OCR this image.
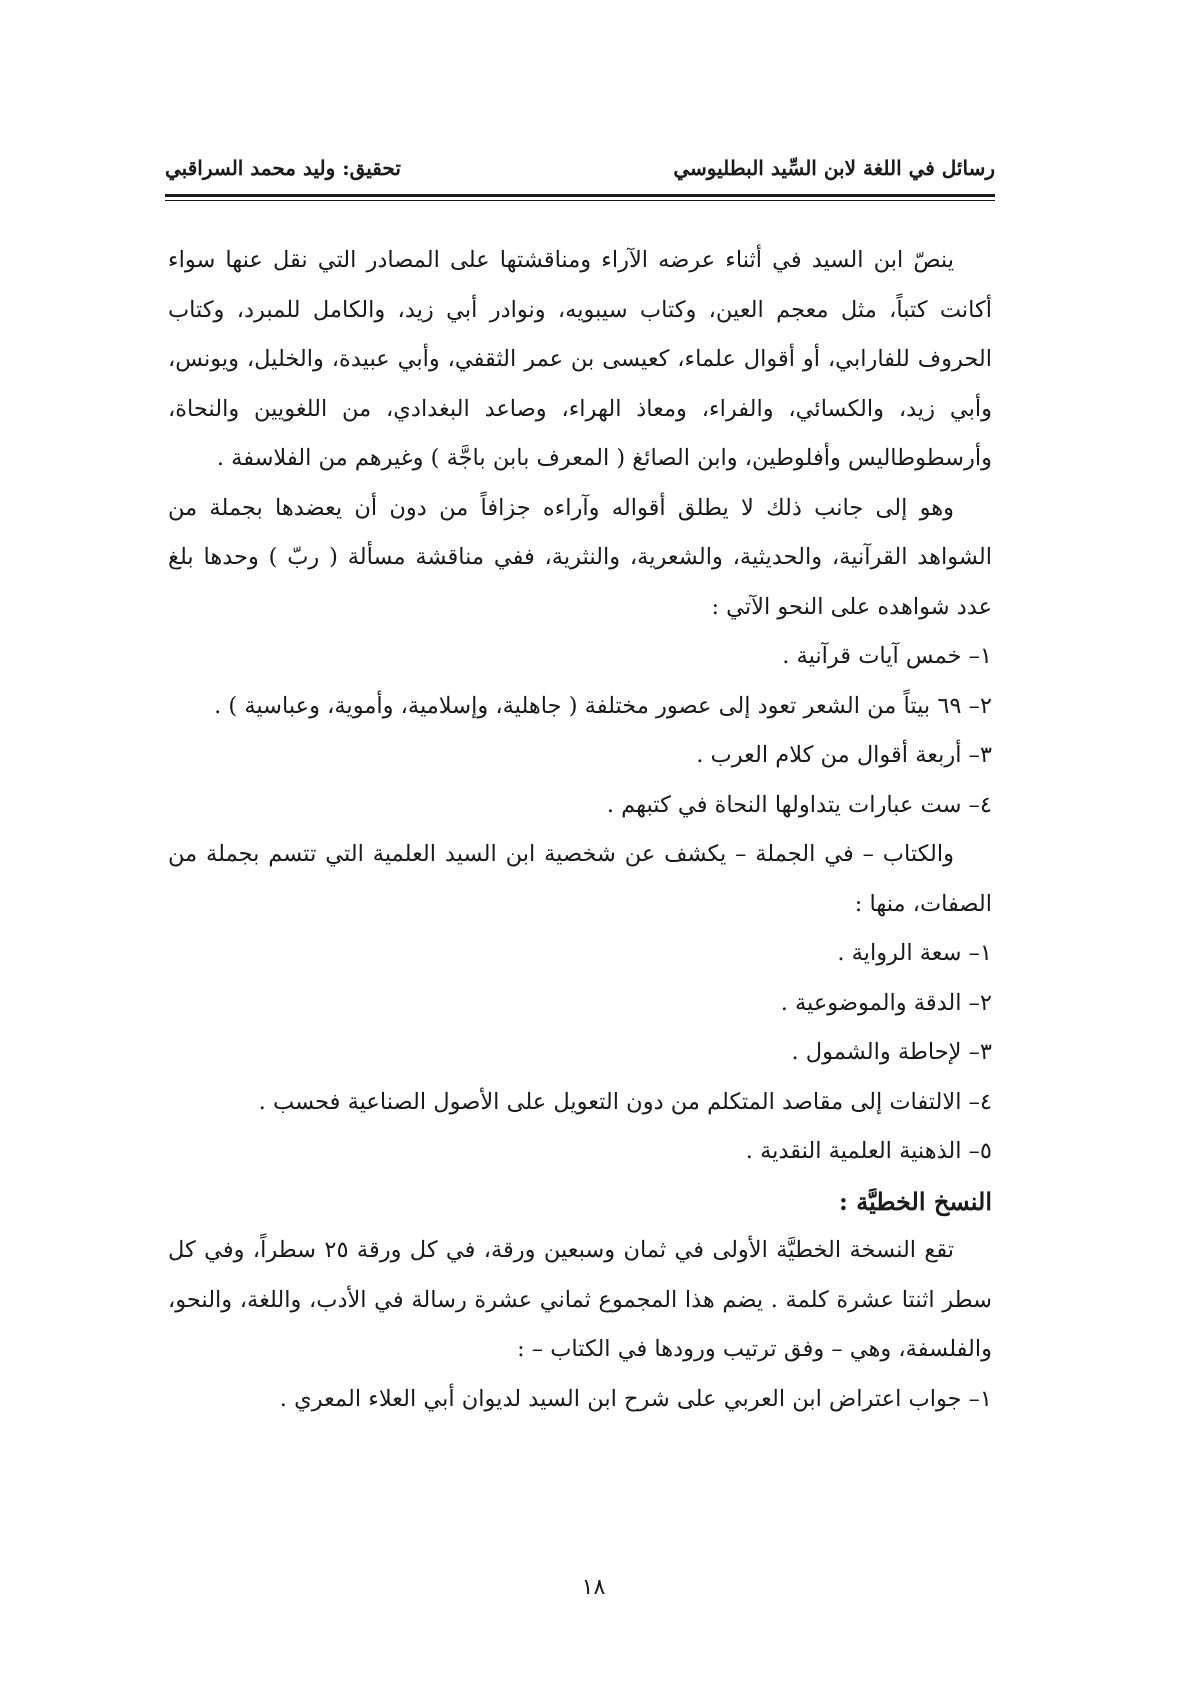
رسائل في اللغة لابن السِّيد البطليوسي
تحقيق: وليد محمد السراقبي

ينصّ ابن السيد في أثناء عرضه الآراء ومناقشتها على المصادر التي نقل عنها سواء أكانت كتباً، مثل معجم العين، وكتاب سيبويه، ونوادر أبي زيد، والكامل للمبرد، وكتاب الحروف للفارابي، أو أقوال علماء، كعيسى بن عمر الثقفي، وأبي عبيدة، والخليل، ويونس، وأبي زيد، والكسائي، والفراء، ومعاذ الهراء، وصاعد البغدادي، من اللغويين والنحاة، وأرسطوطاليس وأفلوطين، وابن الصائغ ( المعرف بابن باجَّة ) وغيرهم من الفلاسفة .

وهو إلى جانب ذلك لا يطلق أقواله وآراءه جزافاً من دون أن يعضدها بجملة من الشواهد القرآنية، والحديثية، والشعرية، والنثرية، ففي مناقشة مسألة ( ربّ ) وحدها بلغ عدد شواهده على النحو الآتي :

١– خمس آيات قرآنية .

٢– ٦٩ بيتاً من الشعر تعود إلى عصور مختلفة ( جاهلية، وإسلامية، وأموية، وعباسية ) .

٣– أربعة أقوال من كلام العرب .

٤– ست عبارات يتداولها النحاة في كتبهم .

والكتاب – في الجملة – يكشف عن شخصية ابن السيد العلمية التي تتسم بجملة من الصفات، منها :

١– سعة الرواية .

٢– الدقة والموضوعية .

٣– لإحاطة والشمول .

٤– الالتفات إلى مقاصد المتكلم من دون التعويل على الأصول الصناعية فحسب .

٥– الذهنية العلمية النقدية .

النسخ الخطيَّة :

تقع النسخة الخطيَّة الأولى في ثمان وسبعين ورقة، في كل ورقة ٢٥ سطراً، وفي كل سطر اثنتا عشرة كلمة . يضم هذا المجموع ثماني عشرة رسالة في الأدب، واللغة، والنحو، والفلسفة، وهي – وفق ترتيب ورودها في الكتاب – :

١– جواب اعتراض ابن العربي على شرح ابن السيد لديوان أبي العلاء المعري .

١٨
